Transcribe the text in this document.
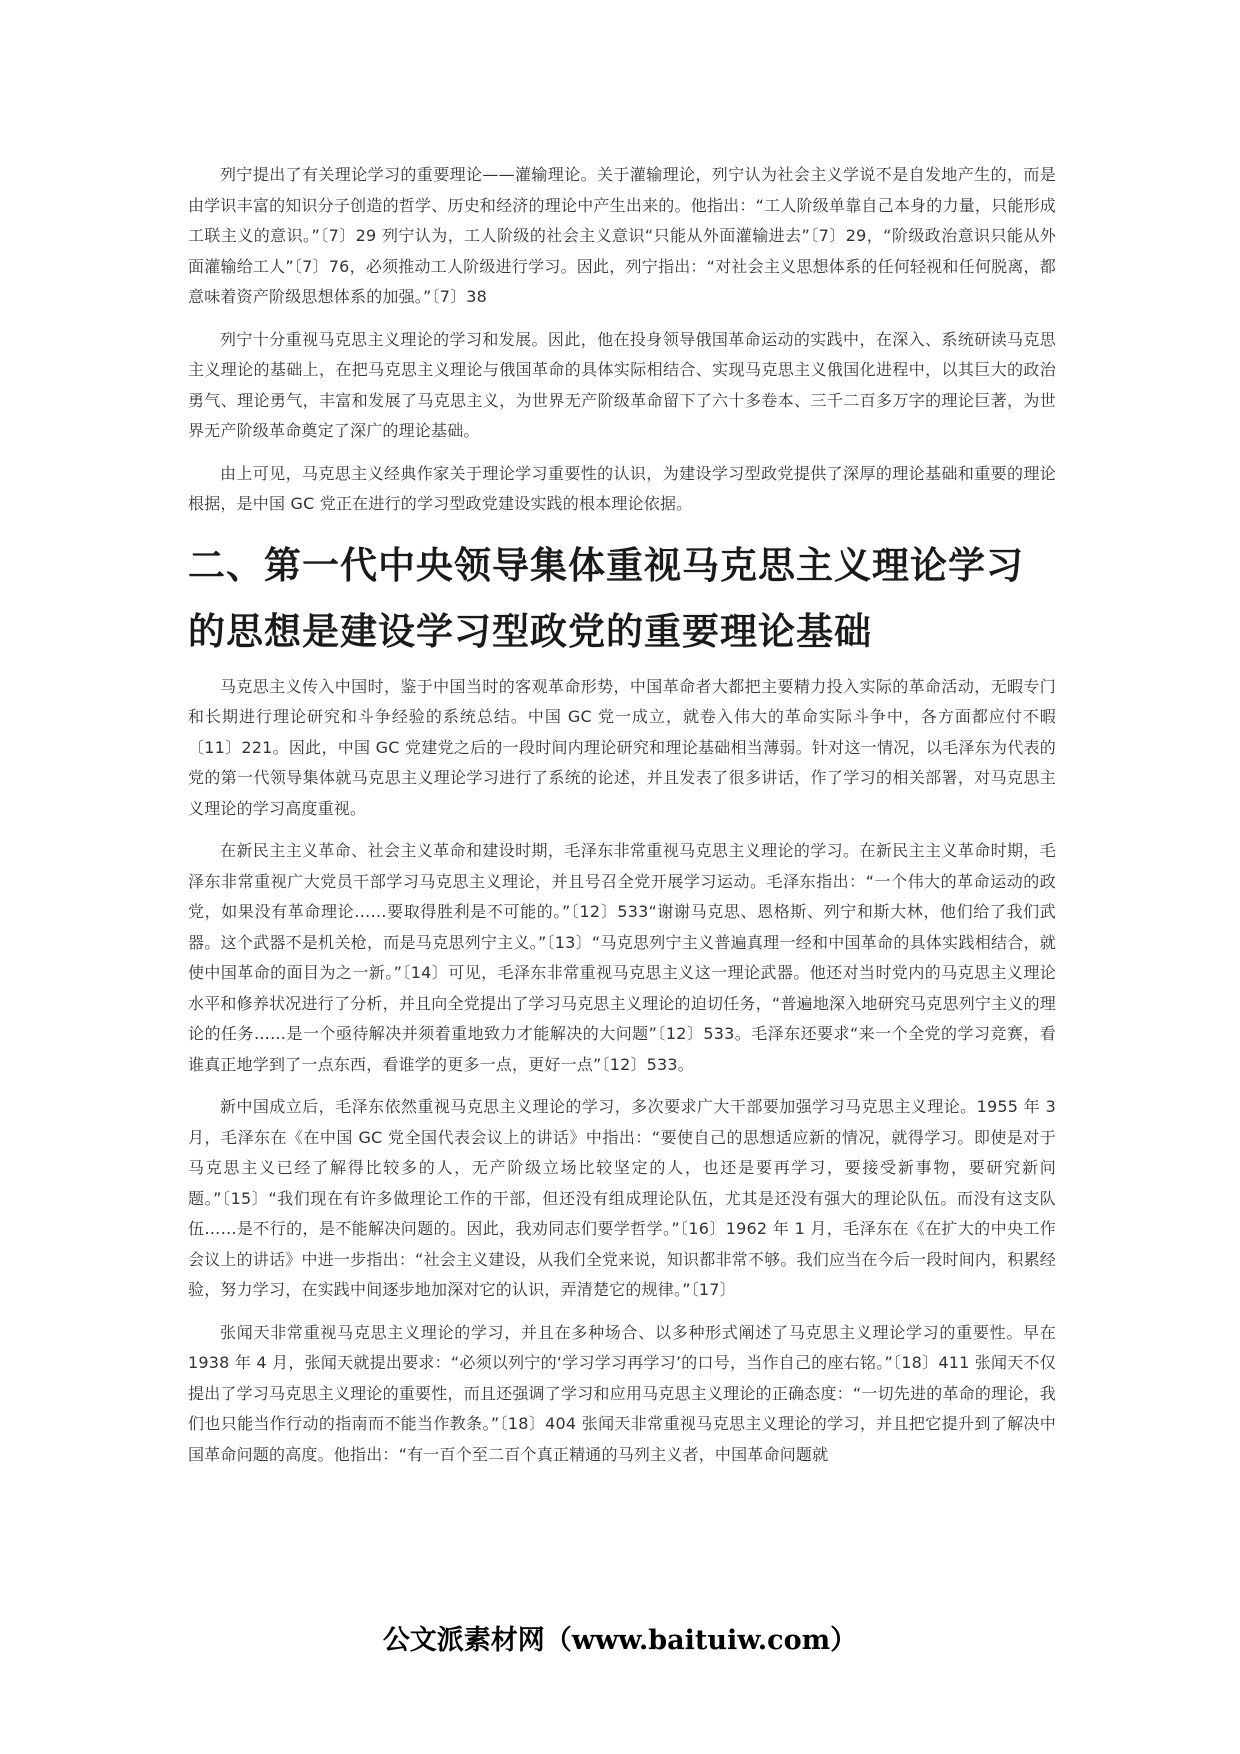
列宁提出了有关理论学习的重要理论——灌输理论。关于灌输理论，列宁认为社会主义学说不是自发地产生的，而是由学识丰富的知识分子创造的哲学、历史和经济的理论中产生出来的。他指出：“工人阶级单靠自己本身的力量，只能形成工联主义的意识。”〔7〕29 列宁认为，工人阶级的社会主义意识“只能从外面灌输进去”〔7〕29，“阶级政治意识只能从外面灌输给工人”〔7〕76，必须推动工人阶级进行学习。因此，列宁指出：“对社会主义思想体系的任何轻视和任何脱离，都意味着资产阶级思想体系的加强。”〔7〕38

列宁十分重视马克思主义理论的学习和发展。因此，他在投身领导俄国革命运动的实践中，在深入、系统研读马克思主义理论的基础上，在把马克思主义理论与俄国革命的具体实际相结合、实现马克思主义俄国化进程中，以其巨大的政治勇气、理论勇气，丰富和发展了马克思主义，为世界无产阶级革命留下了六十多卷本、三千二百多万字的理论巨著，为世界无产阶级革命奠定了深广的理论基础。

由上可见，马克思主义经典作家关于理论学习重要性的认识，为建设学习型政党提供了深厚的理论基础和重要的理论根据，是中国 GC 党正在进行的学习型政党建设实践的根本理论依据。

二、第一代中央领导集体重视马克思主义理论学习的思想是建设学习型政党的重要理论基础

马克思主义传入中国时，鉴于中国当时的客观革命形势，中国革命者大都把主要精力投入实际的革命活动，无暇专门和长期进行理论研究和斗争经验的系统总结。中国 GC 党一成立，就卷入伟大的革命实际斗争中，各方面都应付不暇〔11〕221。因此，中国 GC 党建党之后的一段时间内理论研究和理论基础相当薄弱。针对这一情况，以毛泽东为代表的党的第一代领导集体就马克思主义理论学习进行了系统的论述，并且发表了很多讲话，作了学习的相关部署，对马克思主义理论的学习高度重视。

在新民主主义革命、社会主义革命和建设时期，毛泽东非常重视马克思主义理论的学习。在新民主主义革命时期，毛泽东非常重视广大党员干部学习马克思主义理论，并且号召全党开展学习运动。毛泽东指出：“一个伟大的革命运动的政党，如果没有革命理论……要取得胜利是不可能的。”〔12〕533“谢谢马克思、恩格斯、列宁和斯大林，他们给了我们武器。这个武器不是机关枪，而是马克思列宁主义。”〔13〕“马克思列宁主义普遍真理一经和中国革命的具体实践相结合，就使中国革命的面目为之一新。”〔14〕可见，毛泽东非常重视马克思主义这一理论武器。他还对当时党内的马克思主义理论水平和修养状况进行了分析，并且向全党提出了学习马克思主义理论的迫切任务，“普遍地深入地研究马克思列宁主义的理论的任务……是一个亟待解决并须着重地致力才能解决的大问题”〔12〕533。毛泽东还要求“来一个全党的学习竞赛，看谁真正地学到了一点东西，看谁学的更多一点，更好一点”〔12〕533。

新中国成立后，毛泽东依然重视马克思主义理论的学习，多次要求广大干部要加强学习马克思主义理论。1955 年 3 月，毛泽东在《在中国 GC 党全国代表会议上的讲话》中指出：“要使自己的思想适应新的情况，就得学习。即使是对于马克思主义已经了解得比较多的人，无产阶级立场比较坚定的人，也还是要再学习，要接受新事物，要研究新问题。”〔15〕“我们现在有许多做理论工作的干部，但还没有组成理论队伍，尤其是还没有强大的理论队伍。而没有这支队伍……是不行的，是不能解决问题的。因此，我劝同志们要学哲学。”〔16〕1962 年 1 月，毛泽东在《在扩大的中央工作会议上的讲话》中进一步指出：“社会主义建设，从我们全党来说，知识都非常不够。我们应当在今后一段时间内，积累经验，努力学习，在实践中间逐步地加深对它的认识，弄清楚它的规律。”〔17〕

张闻天非常重视马克思主义理论的学习，并且在多种场合、以多种形式阐述了马克思主义理论学习的重要性。早在 1938 年 4 月，张闻天就提出要求：“必须以列宁的‘学习学习再学习’的口号，当作自己的座右铭。”〔18〕411 张闻天不仅提出了学习马克思主义理论的重要性，而且还强调了学习和应用马克思主义理论的正确态度：“一切先进的革命的理论，我们也只能当作行动的指南而不能当作教条。”〔18〕404 张闻天非常重视马克思主义理论的学习，并且把它提升到了解决中国革命问题的高度。他指出：“有一百个至二百个真正精通的马列主义者，中国革命问题就

公文派素材网（www.baituiw.com）
